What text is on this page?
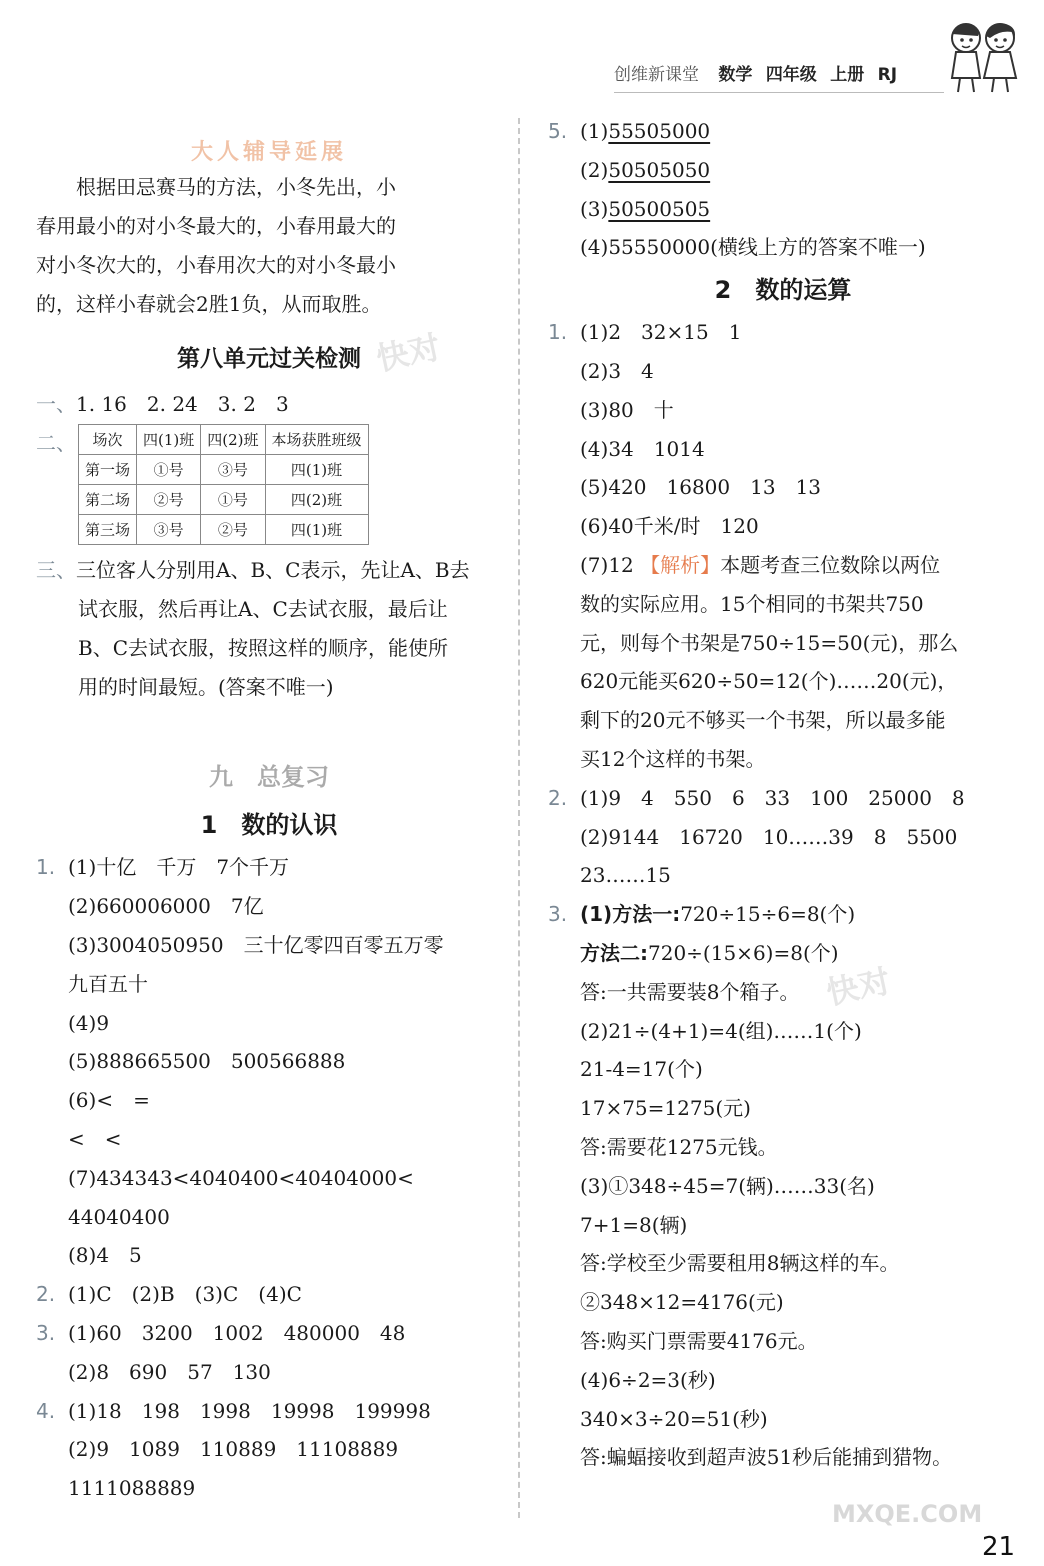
创维新课堂 数学 四年级 上册 RJ
快对
快对
MXQE.COM
大人辅导延展
根据田忌赛马的方法，小冬先出，小
春用最小的对小冬最大的，小春用最大的
对小冬次大的，小春用次大的对小冬最小
的，这样小春就会2胜1负，从而取胜。
第八单元过关检测
一、1. 16　2. 24　3. 2　3
二、 场次	四(1)班	四(2)班	本场获胜班级
第一场	①号	③号	四(1)班
第二场	②号	①号	四(2)班
第三场	③号	②号	四(1)班
三、三位客人分别用A、B、C表示，先让A、B去
试衣服，然后再让A、C去试衣服，最后让
B、C去试衣服，按照这样的顺序，能使所
用的时间最短。(答案不唯一)
九　总复习
1　数的认识
1. (1)十亿　千万　7个千万
(2)660006000　7亿
(3)3004050950　三十亿零四百零五万零
九百五十
(4)9
(5)888665500　500566888
(6)<　=
<　<
(7)434343<4040400<40404000<
44040400
(8)4　5
2. (1)C　(2)B　(3)C　(4)C
3. (1)60　3200　1002　480000　48
(2)8　690　57　130
4. (1)18　198　1998　19998　199998
(2)9　1089　110889　11108889
1111088889
5. (1)55505000
(2)50505050
(3)50500505
(4)55550000(横线上方的答案不唯一)
2　数的运算
1. (1)2　32×15　1
(2)3　4
(3)80　十
(4)34　1014
(5)420　16800　13　13
(6)40千米/时　120
(7)12 【解析】本题考查三位数除以两位
数的实际应用。15个相同的书架共750
元，则每个书架是750÷15=50(元)，那么
620元能买620÷50=12(个)……20(元)，
剩下的20元不够买一个书架，所以最多能
买12个这样的书架。
2. (1)9　4　550　6　33　100　25000　8
(2)9144　16720　10……39　8　5500
23……15
3. (1)方法一:720÷15÷6=8(个)
方法二:720÷(15×6)=8(个)
答:一共需要装8个箱子。
(2)21÷(4+1)=4(组)……1(个)
21-4=17(个)
17×75=1275(元)
答:需要花1275元钱。
(3)①348÷45=7(辆)……33(名)
7+1=8(辆)
答:学校至少需要租用8辆这样的车。
②348×12=4176(元)
答:购买门票需要4176元。
(4)6÷2=3(秒)
340×3÷20=51(秒)
答:蝙蝠接收到超声波51秒后能捕到猎物。
21
